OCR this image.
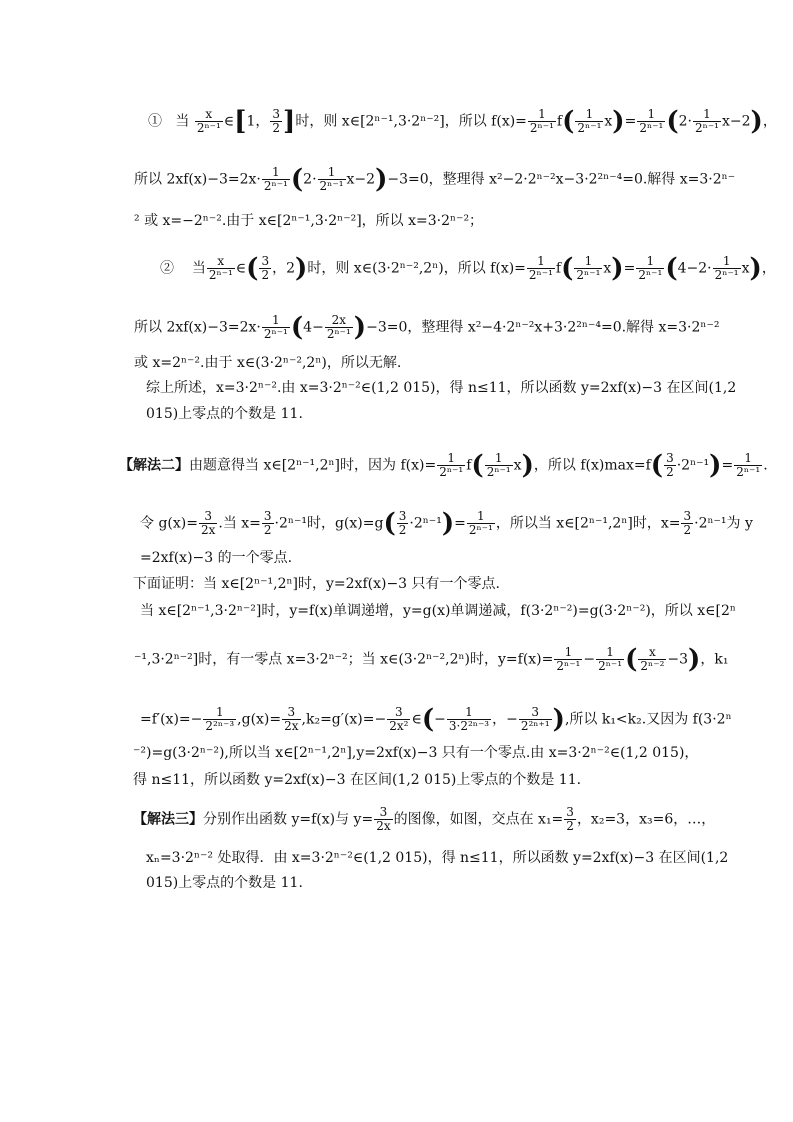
① 当 $\frac{x}{\text{2ⁿ⁻¹}}$ ∈[1， $\frac{3}{2}$ ]时，则 x∈[2ⁿ⁻¹,3·2ⁿ⁻²]，所以 $f(x)= \frac{1}{\text{2ⁿ⁻¹}} f( \frac{1}{\text{2ⁿ⁻¹}} x)= \frac{1}{\text{2ⁿ⁻¹}} (2\cdot \frac{1}{\text{2ⁿ⁻¹}} x-2)$，
所以 $2xf(x)-3=2x\cdot \frac{1}{\text{2ⁿ⁻¹}} (2\cdot \frac{1}{\text{2ⁿ⁻¹}} x-2)-3=0$，整理得 x²−2·2ⁿ⁻²x−3·2²ⁿ⁻⁴=0.解得 x=3·2ⁿ⁻
² 或 x=−2ⁿ⁻².由于 x∈[2ⁿ⁻¹,3·2ⁿ⁻²]，所以 x=3·2ⁿ⁻²；
② 当 $\frac{x}{\text{2ⁿ⁻¹}}$ ∈( $\frac{3}{2}$ ，2)时，则 x∈(3·2ⁿ⁻²,2ⁿ)，所以 $f(x)= \frac{1}{\text{2ⁿ⁻¹}} f( \frac{1}{\text{2ⁿ⁻¹}} x)= \frac{1}{\text{2ⁿ⁻¹}} (4-2\cdot \frac{1}{\text{2ⁿ⁻¹}} x)$，
所以 $2xf(x)-3=2x\cdot \frac{1}{\text{2ⁿ⁻¹}} (4- \frac{2x}{\text{2ⁿ⁻¹}} )-3=0$，整理得 x²−4·2ⁿ⁻²x+3·2²ⁿ⁻⁴=0.解得 x=3·2ⁿ⁻²
或 x=2ⁿ⁻².由于 x∈(3·2ⁿ⁻²,2ⁿ)，所以无解.
综上所述，x=3·2ⁿ⁻².由 x=3·2ⁿ⁻²∈(1,2 015)，得 n≤11，所以函数 y=2xf(x)−3 在区间(1,2
015)上零点的个数是 11.
【解法二】由题意得当 x∈[2ⁿ⁻¹,2ⁿ]时，因为 $f(x)= \frac{1}{\text{2ⁿ⁻¹}} f( \frac{1}{\text{2ⁿ⁻¹}} x)$，所以 $f(x)\max=f( \frac{3}{2} \cdot 2^{n-1})= \frac{1}{\text{2ⁿ⁻¹}}$ .
令 $g(x)= \frac{3}{2x}$ .当 $x= \frac{3}{2} \cdot 2^{n-1}$时，$g(x)=g( \frac{3}{2} \cdot 2^{n-1})= \frac{1}{\text{2ⁿ⁻¹}}$ ，所以当 x∈[2ⁿ⁻¹,2ⁿ]时，$x= \frac{3}{2} \cdot 2^{n-1}$为 y
=2xf(x)−3 的一个零点.
下面证明：当 x∈[2ⁿ⁻¹,2ⁿ]时，y=2xf(x)−3 只有一个零点.
当 x∈[2ⁿ⁻¹,3·2ⁿ⁻²]时，y=f(x)单调递增，y=g(x)单调递减，f(3·2ⁿ⁻²)=g(3·2ⁿ⁻²)，所以 x∈[2ⁿ
⁻¹,3·2ⁿ⁻²]时，有一零点 x=3·2ⁿ⁻²；当 x∈(3·2ⁿ⁻²,2ⁿ)时，$y=f(x)= \frac{1}{\text{2ⁿ⁻¹}} - \frac{1}{\text{2ⁿ⁻¹}}$ ( $\frac{x}{\text{2ⁿ⁻²}} -3$)，k₁
$=f'(x)=- \frac{1}{\text{2²ⁿ⁻³}} ,g(x)= \frac{3}{2x} ,k_2=g'(x)=- \frac{3}{\text{2x²}}$ ∈(− $\frac{1}{\text{3·2²ⁿ⁻³}}$ ，− $\frac{3}{\text{2²ⁿ⁺¹}}$ ),所以 k₁<k₂.又因为 f(3·2ⁿ
⁻²)=g(3·2ⁿ⁻²),所以当 x∈[2ⁿ⁻¹,2ⁿ],y=2xf(x)−3 只有一个零点.由 x=3·2ⁿ⁻²∈(1,2 015)，
得 n≤11，所以函数 y=2xf(x)−3 在区间(1,2 015)上零点的个数是 11.
【解法三】分别作出函数 y=f(x)与 $y= \frac{3}{2x}$ 的图像，如图，交点在 $x_1= \frac{3}{2}$ ，x₂=3，x₃=6，…，
xₙ=3·2ⁿ⁻² 处取得．由 x=3·2ⁿ⁻²∈(1,2 015)，得 n≤11，所以函数 y=2xf(x)−3 在区间(1,2
015)上零点的个数是 11.
